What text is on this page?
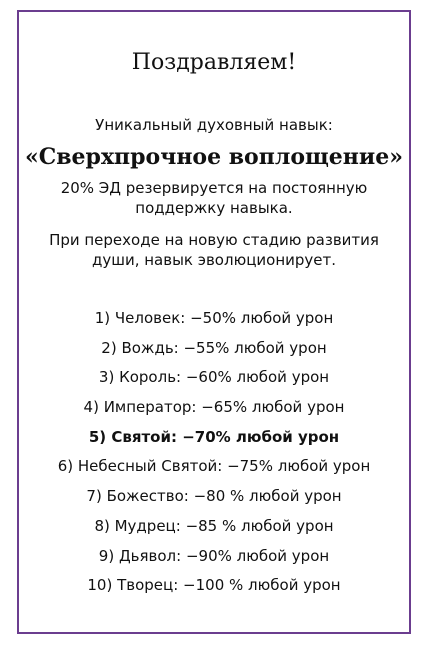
Поздравляем!
Уникальный духовный навык:
«Сверхпрочное воплощение»
20% ЭД резервируется на постоянную поддержку навыка.
При переходе на новую стадию развития души, навык эволюционирует.
1) Человек: −50% любой урон
2) Вождь: −55% любой урон
3) Король: −60% любой урон
4) Император: −65% любой урон
5) Святой: −70% любой урон
6) Небесный Святой: −75% любой урон
7) Божество: −80 % любой урон
8) Мудрец: −85 % любой урон
9) Дьявол: −90% любой урон
10) Творец: −100 % любой урон
